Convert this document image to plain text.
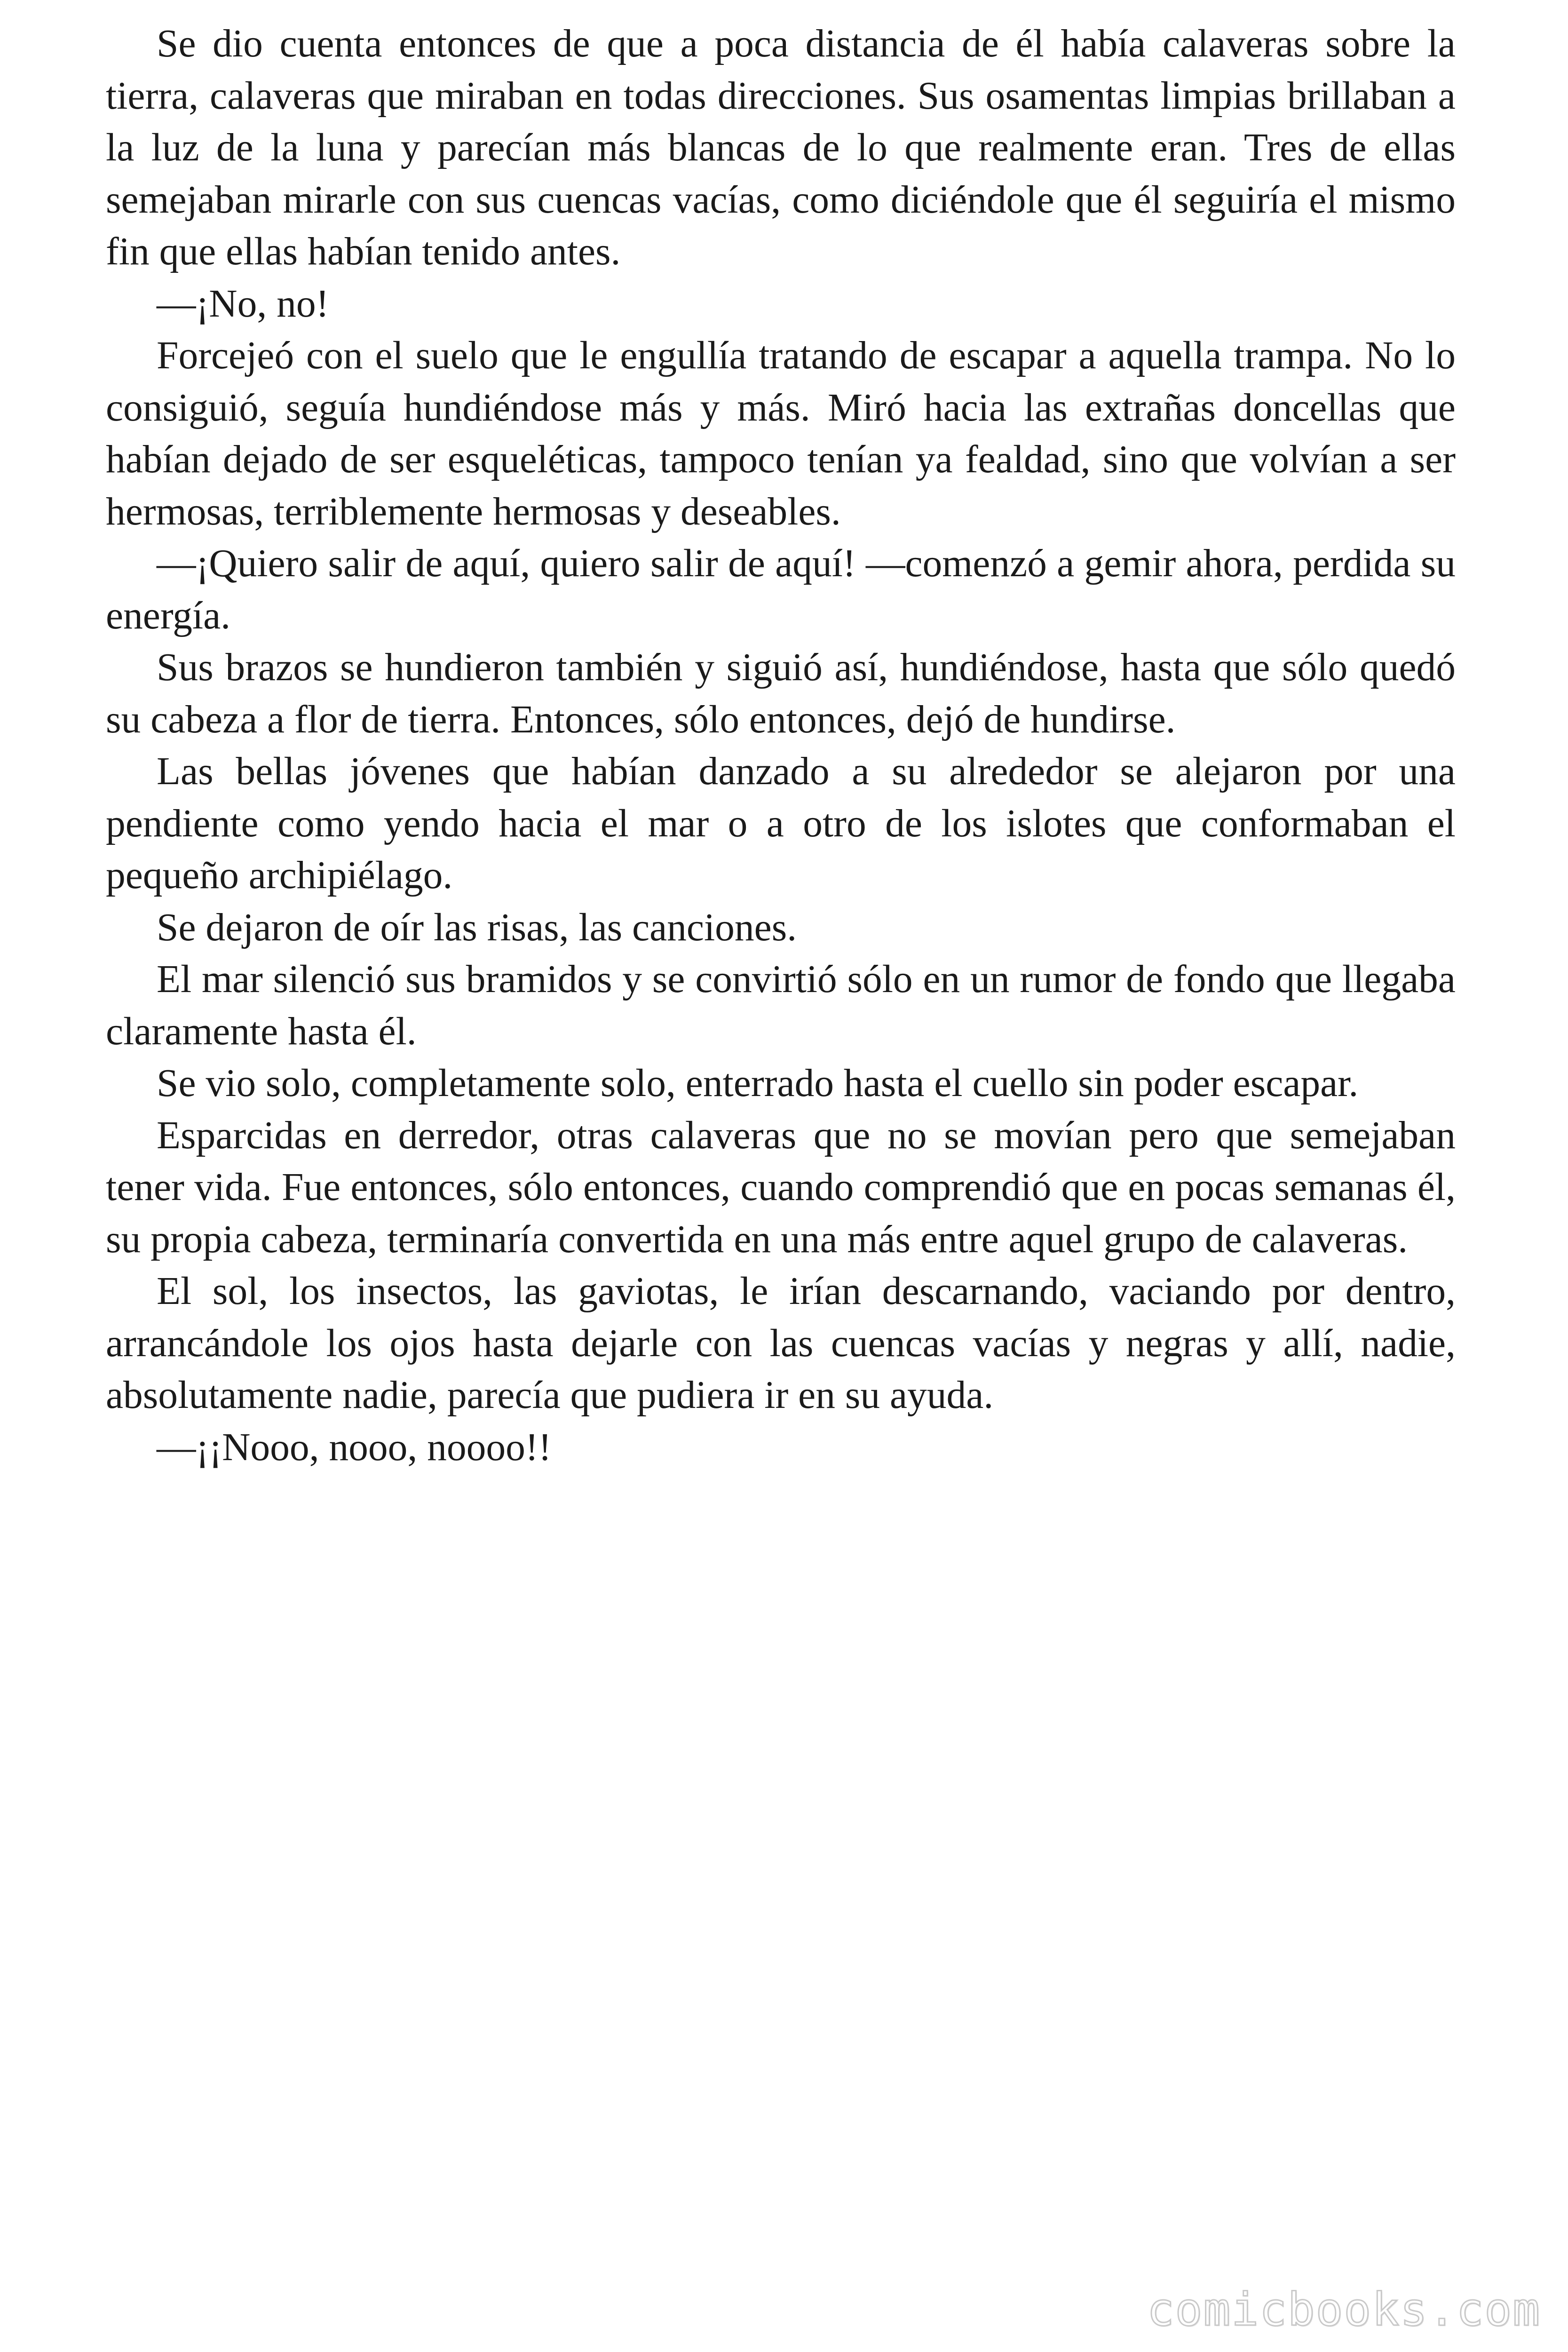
Se dio cuenta entonces de que a poca distancia de él había calaveras sobre la tierra, calaveras que miraban en todas direcciones. Sus osamentas limpias brillaban a la luz de la luna y parecían más blancas de lo que realmente eran. Tres de ellas semejaban mirarle con sus cuencas vacías, como diciéndole que él seguiría el mismo fin que ellas habían tenido antes.

—¡No, no!

Forcejeó con el suelo que le engullía tratando de escapar a aquella trampa. No lo consiguió, seguía hundiéndose más y más. Miró hacia las extrañas doncellas que habían dejado de ser esqueléticas, tampoco tenían ya fealdad, sino que volvían a ser hermosas, terriblemente hermosas y deseables.

—¡Quiero salir de aquí, quiero salir de aquí! —comenzó a gemir ahora, perdida su energía.

Sus brazos se hundieron también y siguió así, hundiéndose, hasta que sólo quedó su cabeza a flor de tierra. Entonces, sólo entonces, dejó de hundirse.

Las bellas jóvenes que habían danzado a su alrededor se alejaron por una pendiente como yendo hacia el mar o a otro de los islotes que conformaban el pequeño archipiélago.

Se dejaron de oír las risas, las canciones.

El mar silenció sus bramidos y se convirtió sólo en un rumor de fondo que llegaba claramente hasta él.

Se vio solo, completamente solo, enterrado hasta el cuello sin poder escapar.

Esparcidas en derredor, otras calaveras que no se movían pero que semejaban tener vida. Fue entonces, sólo entonces, cuando comprendió que en pocas semanas él, su propia cabeza, terminaría convertida en una más entre aquel grupo de calaveras.

El sol, los insectos, las gaviotas, le irían descarnando, vaciando por dentro, arrancándole los ojos hasta dejarle con las cuencas vacías y negras y allí, nadie, absolutamente nadie, parecía que pudiera ir en su ayuda.

—¡¡Nooo, nooo, noooo!!

comicbooks.com
